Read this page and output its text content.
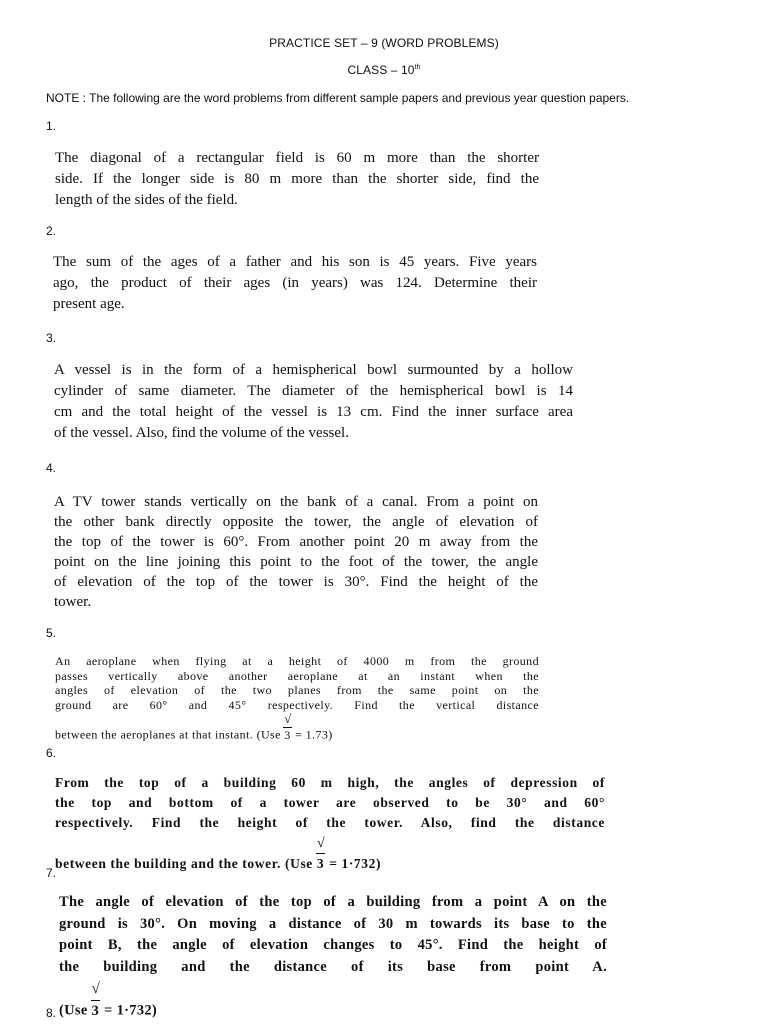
PRACTICE SET – 9 (WORD PROBLEMS)
CLASS – 10th
NOTE : The following are the word problems from different sample papers and previous year question papers.
1.

The diagonal of a rectangular field is 60 m more than the shorter
side. If the longer side is 80 m more than the shorter side, find the
length of the sides of the field.

2.

The sum of the ages of a father and his son is 45 years. Five years
ago, the product of their ages (in years) was 124. Determine their
present age.

3.

A vessel is in the form of a hemispherical bowl surmounted by a hollow
cylinder of same diameter. The diameter of the hemispherical bowl is 14
cm and the total height of the vessel is 13 cm. Find the inner surface area
of the vessel. Also, find the volume of the vessel.

4.

A TV tower stands vertically on the bank of a canal. From a point on
the other bank directly opposite the tower, the angle of elevation of
the top of the tower is 60°. From another point 20 m away from the
point on the line joining this point to the foot of the tower, the angle
of elevation of the top of the tower is 30°. Find the height of the
tower.

5.

An aeroplane when flying at a height of 4000 m from the ground
passes vertically above another aeroplane at an instant when the
angles of elevation of the two planes from the same point on the
ground are 60° and 45° respectively. Find the vertical distance
between the aeroplanes at that instant. (Use
√
3 = 1.73)

6.

From the top of a building 60 m high, the angles of depression of
the top and bottom of a tower are observed to be 30° and 60°
respectively. Find the height of the tower. Also, find the distance
between the building and the tower. (Use
√
3 = 1·732)

7.

The angle of elevation of the top of a building from a point A on the
ground is 30°. On moving a distance of 30 m towards its base to the
point B, the angle of elevation changes to 45°. Find the height of
the building and the distance of its base from point A.
(Use
√
3 = 1·732)

8.
